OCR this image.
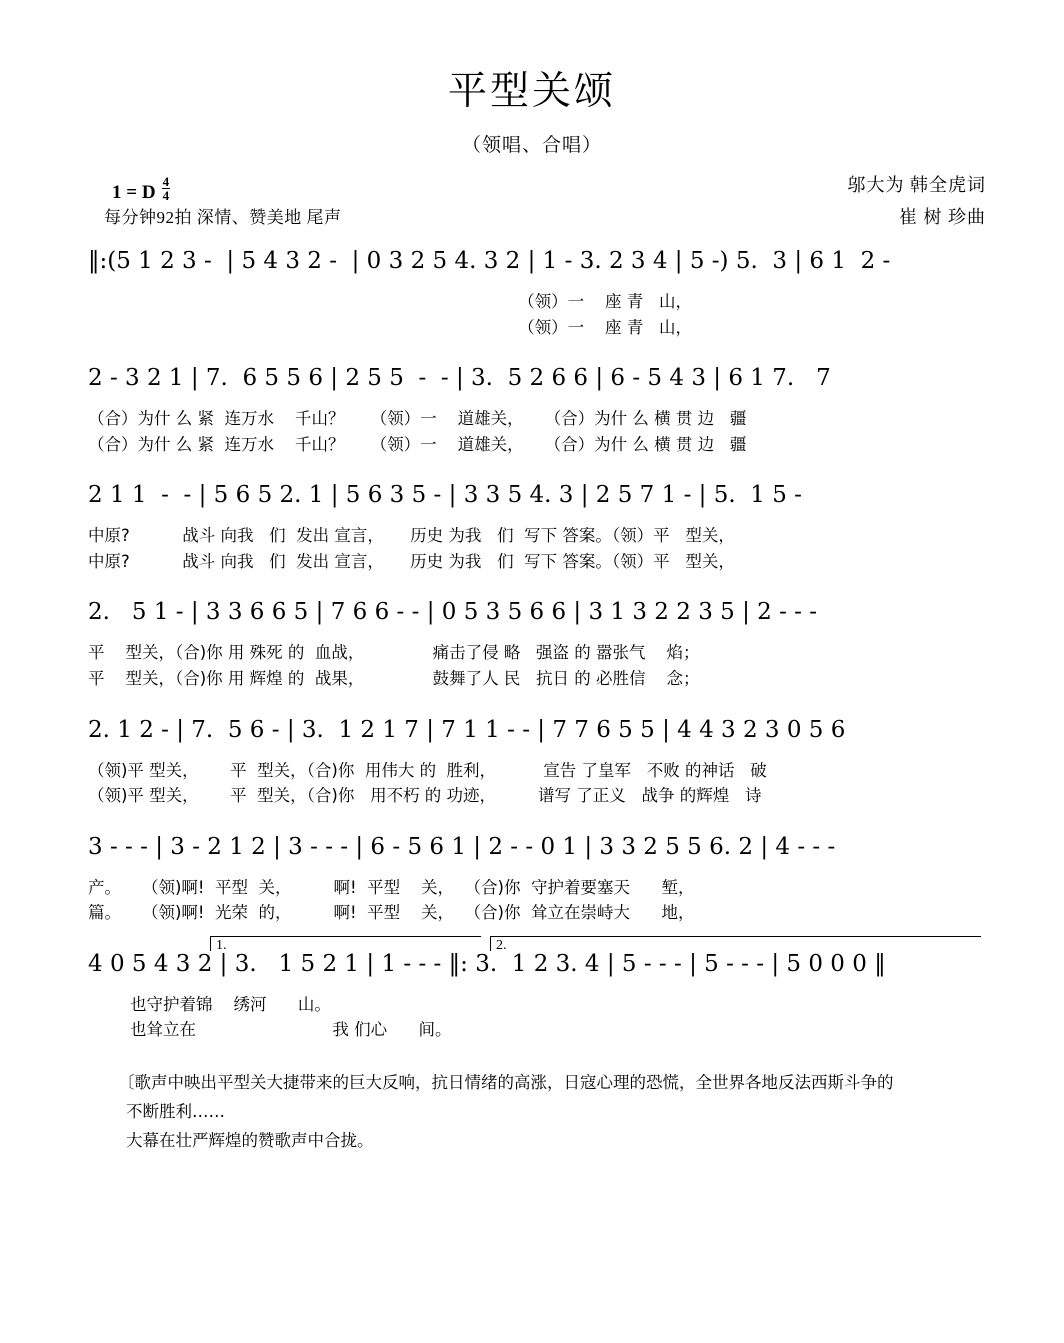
平型关颂
（领唱、合唱）
1 = D $\frac{4}{4}$
每分钟92拍 深情、赞美地 尾声
邬大为 韩全虎词
崔 树 珍曲
‖:(5 1 2 3 -  | 5 4 3 2 -  | 0 3 2 5 4. 3 2 | 1 - 3. 2 3 4 | 5 -) 5.  3 | 6 1  2 -
（领）一    座 青   山，
（领）一    座 青   山，
2 - 3 2 1 | 7.  6 5 5 6 | 2 5 5  -  - | 3.  5 2 6 6 | 6 - 5 4 3 | 6 1 7.   7
（合）为什 么 紧  连万水    千山？     （领）一    道雄关，    （合）为什 么 横 贯 边   疆
（合）为什 么 紧  连万水    千山？     （领）一    道雄关，    （合）为什 么 横 贯 边   疆
2 1 1  -  - | 5 6 5 2. 1 | 5 6 3 5 - | 3 3 5 4. 3 | 2 5 7 1 - | 5.  1 5 -
中原?          战斗 向我   们  发出 宣言，     历史 为我   们  写下 答案。（领）平   型关，
中原?          战斗 向我   们  发出 宣言，     历史 为我   们  写下 答案。（领）平   型关，
2.   5 1 - | 3 3 6 6 5 | 7 6 6 - - | 0 5 3 5 6 6 | 3 1 3 2 2 3 5 | 2 - - -
平    型关，（合)你 用 殊死 的  血战，             痛击了侵 略   强盗 的 嚣张气    焰；
平    型关，（合)你 用 辉煌 的  战果，             鼓舞了人 民   抗日 的 必胜信    念；
2. 1 2 - | 7.  5 6 - | 3.  1 2 1 7 | 7 1 1 - - | 7 7 6 5 5 | 4 4 3 2 3 0 5 6
（领)平 型关，      平  型关，（合)你  用伟大 的  胜利，         宣告 了皇军   不败 的神话   破
（领)平 型关，      平  型关，（合)你   用不朽 的 功迹，        谱写 了正义   战争 的辉煌   诗
3 - - - | 3 - 2 1 2 | 3 - - - | 6 - 5 6 1 | 2 - - 0 1 | 3 3 2 5 5 6. 2 | 4 - - -
产。    （领)啊!  平型  关，        啊!  平型    关，  （合)你  守护着要塞天      堑，
篇。    （领)啊!  光荣  的，        啊!  平型    关，  （合)你  耸立在崇峙大      地，
1.	2.
4 0 5 4 3 2 | 3.   1 5 2 1 | 1 - - - ‖: 3.  1 2 3. 4 | 5 - - - | 5 - - - | 5 0 0 0 ‖
也守护着锦    绣河      山。
也耸立在                          我 们心      间。
〔歌声中映出平型关大捷带来的巨大反响，抗日情绪的高涨，日寇心理的恐慌，全世界各地反法西斯斗争的
不断胜利……
大幕在壮严辉煌的赞歌声中合拢。
